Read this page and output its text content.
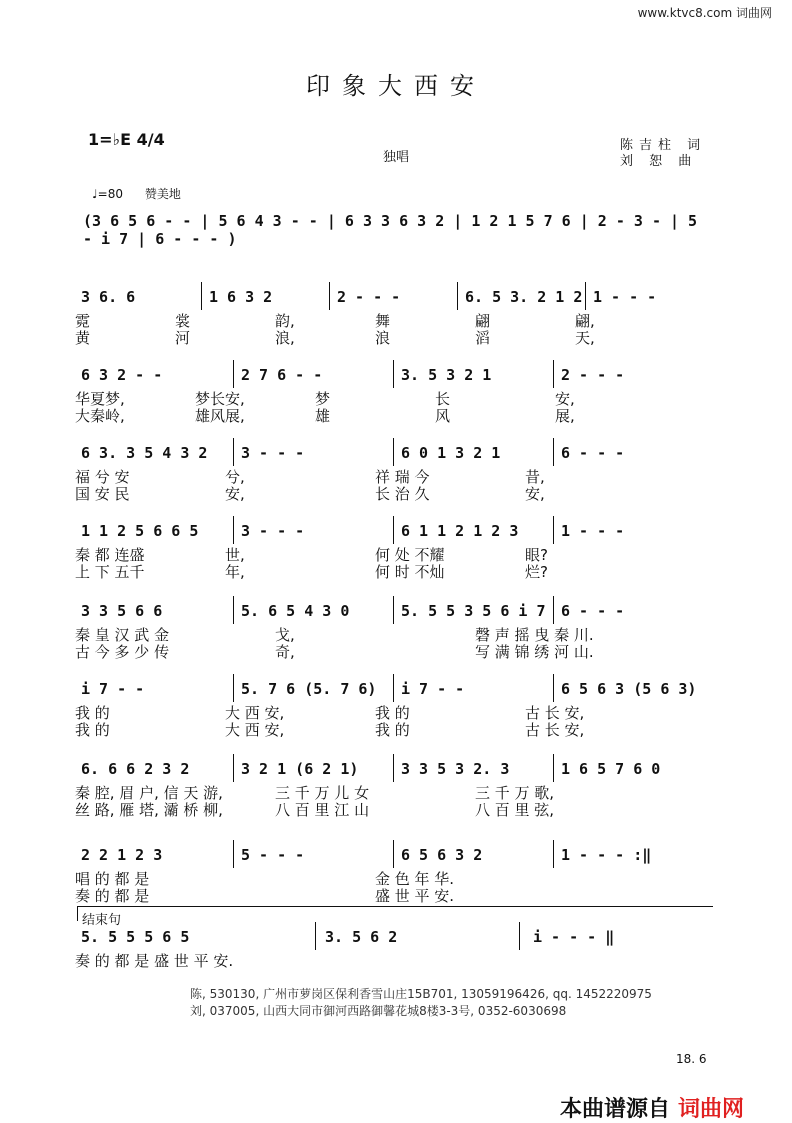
www.ktvc8.com 词曲网
印象大西安
1=♭E 4/4
独唱
陈吉柱 词
刘 恕 曲
♩=80 赞美地
(3 6 5 6 - - | 5 6 4 3 - - | 6 3 3 6 3 2 | 1 2 1 5 7 6 | 2 - 3 - | 5 - i 7 | 6 - - - )
3 6. 6	1 6 3 2	2 - - -	6. 5 3. 2 1 2 1 - - -
霓	裳	韵,	舞	翩	翩,
黄	河	浪,	浪	滔	天,
6 3 2 - -	2 7 6 - -	3. 5 3 2 1	2 - - -
华夏梦,	梦长安,	梦	长	安,
大秦岭,	雄风展,	雄	风	展,
6 3. 3 5 4 3 2 3 - - -	6 0 1 3 2 1	6 - - -
福 兮 安	兮,	祥 瑞 今	昔,
国 安 民	安,	长 治 久	安,
1 1 2 5 6 6 5	3 - - -	6 1 1 2 1 2 3	1 - - -
秦 都 连盛	世,	何 处 不耀	眼?
上 下 五千	年,	何 时 不灿	烂?
3 3 5 6 6	5. 6 5 4 3 0	5. 5 5 3 5 6 i 7 6 - - -
秦 皇 汉 武 金	戈,	磬 声 摇 曳 秦 川.
古 今 多 少 传	奇,	写 满 锦 绣 河 山.
i 7 - -	5. 7 6 (5. 7 6) i 7 - -	6 5 6 3 (5 6 3)
我 的	大 西 安,	我 的	古 长 安,
我 的	大 西 安,	我 的	古 长 安,
6. 6 6 2 3 2	3 2 1 (6 2 1)	3 3 5 3 2. 3	1 6 5 7 6 0
秦 腔, 眉 户, 信 天 游,	三 千 万 儿 女	三 千 万 歌,
丝 路, 雁 塔, 灞 桥 柳,	八 百 里 江 山	八 百 里 弦,
2 2 1 2 3	5 - - -	6 5 6 3 2	1 - - - :‖
唱 的 都 是	金 色 年 华.
奏 的 都 是	盛 世 平 安.
结束句
5. 5 5 5 6 5	3. 5 6 2	i - - - ‖
奏 的 都 是 盛 世 平 安.
陈, 530130, 广州市萝岗区保利香雪山庄15B701, 13059196426, qq. 1452220975
刘, 037005, 山西大同市御河西路御馨花城8楼3-3号, 0352-6030698
18. 6
本曲谱源自 词曲网
